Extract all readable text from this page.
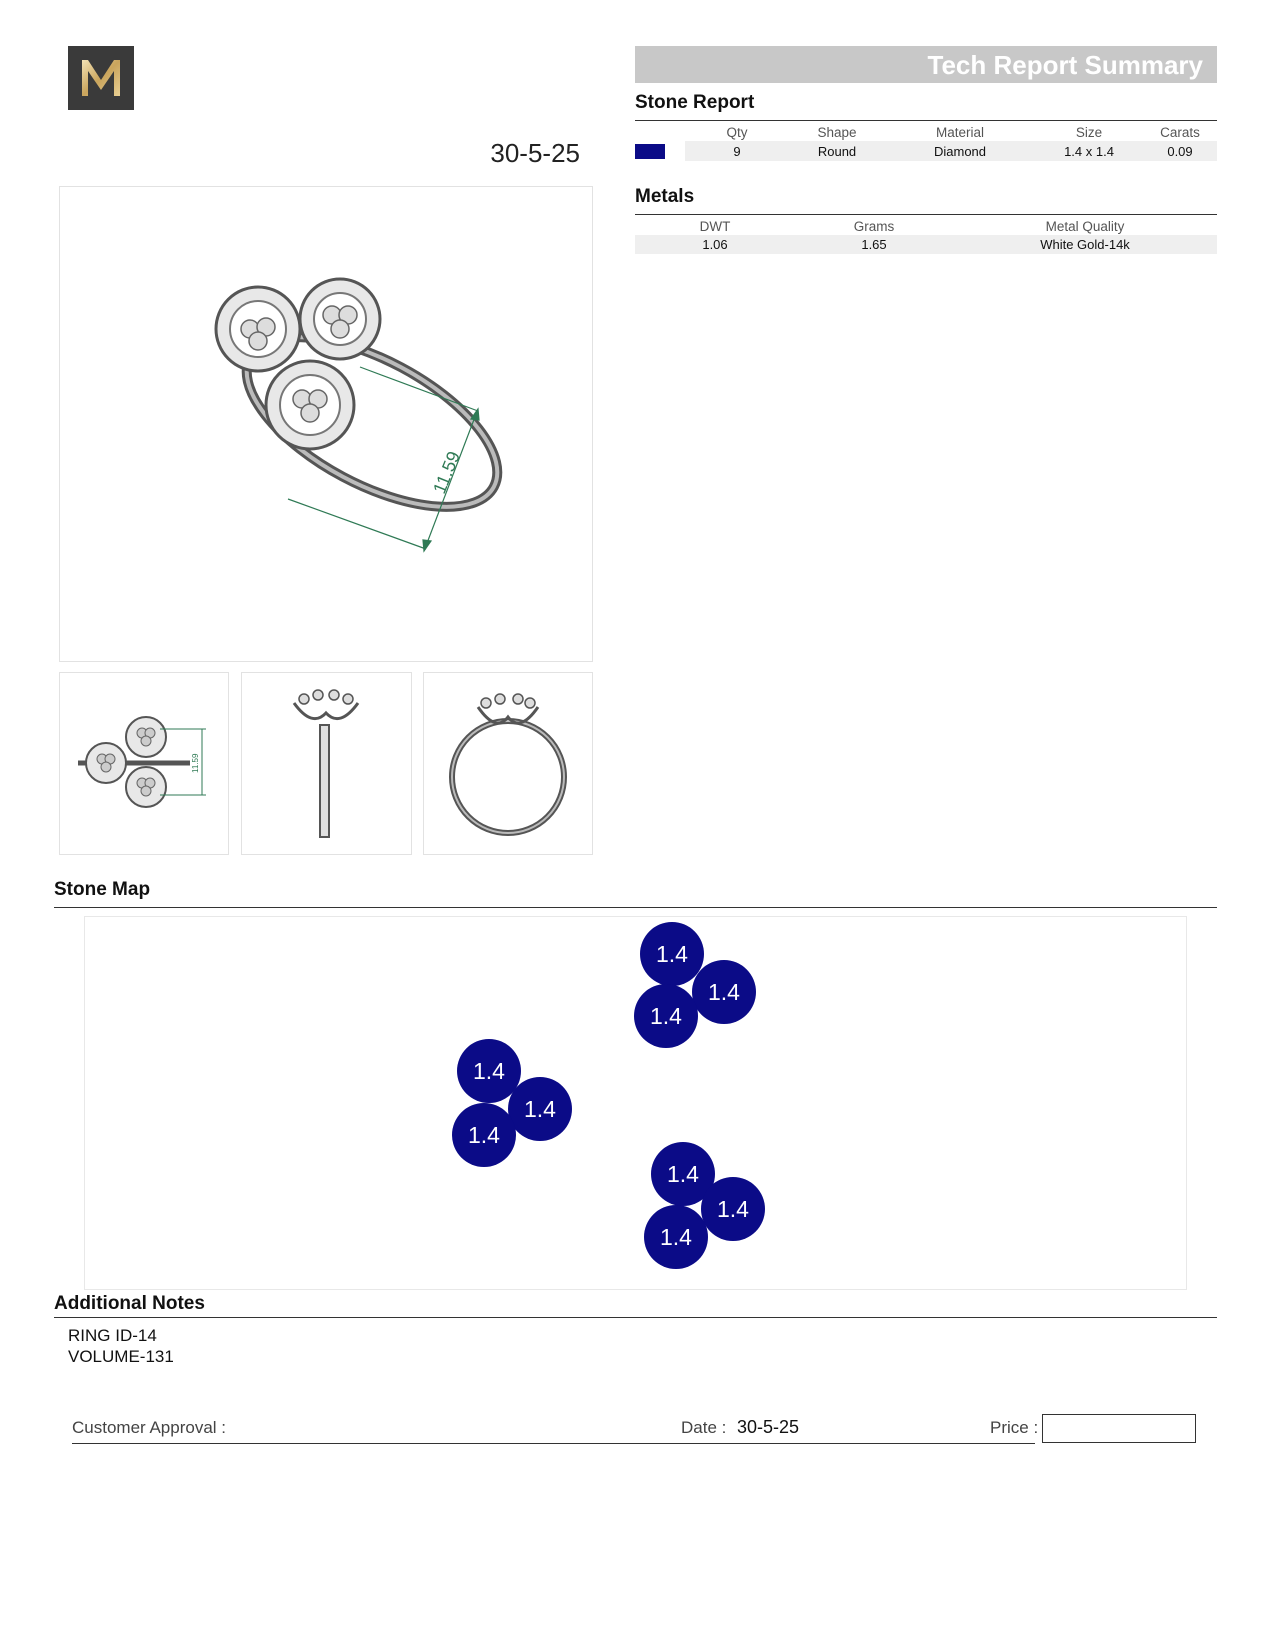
30-5-25
11.59
11.59
Tech Report Summary
Stone Report
	Qty	Shape	Material	Size	Carats
	9	Round	Diamond	1.4 x 1.4	0.09
Metals
DWT	Grams	Metal Quality
1.06	1.65	White Gold-14k
Stone Map
1.4
1.4
1.4
1.4
1.4
1.4
1.4
1.4
1.4
Additional Notes
RING ID-14
VOLUME-131
Customer Approval :	Date : 30-5-25	Price :
